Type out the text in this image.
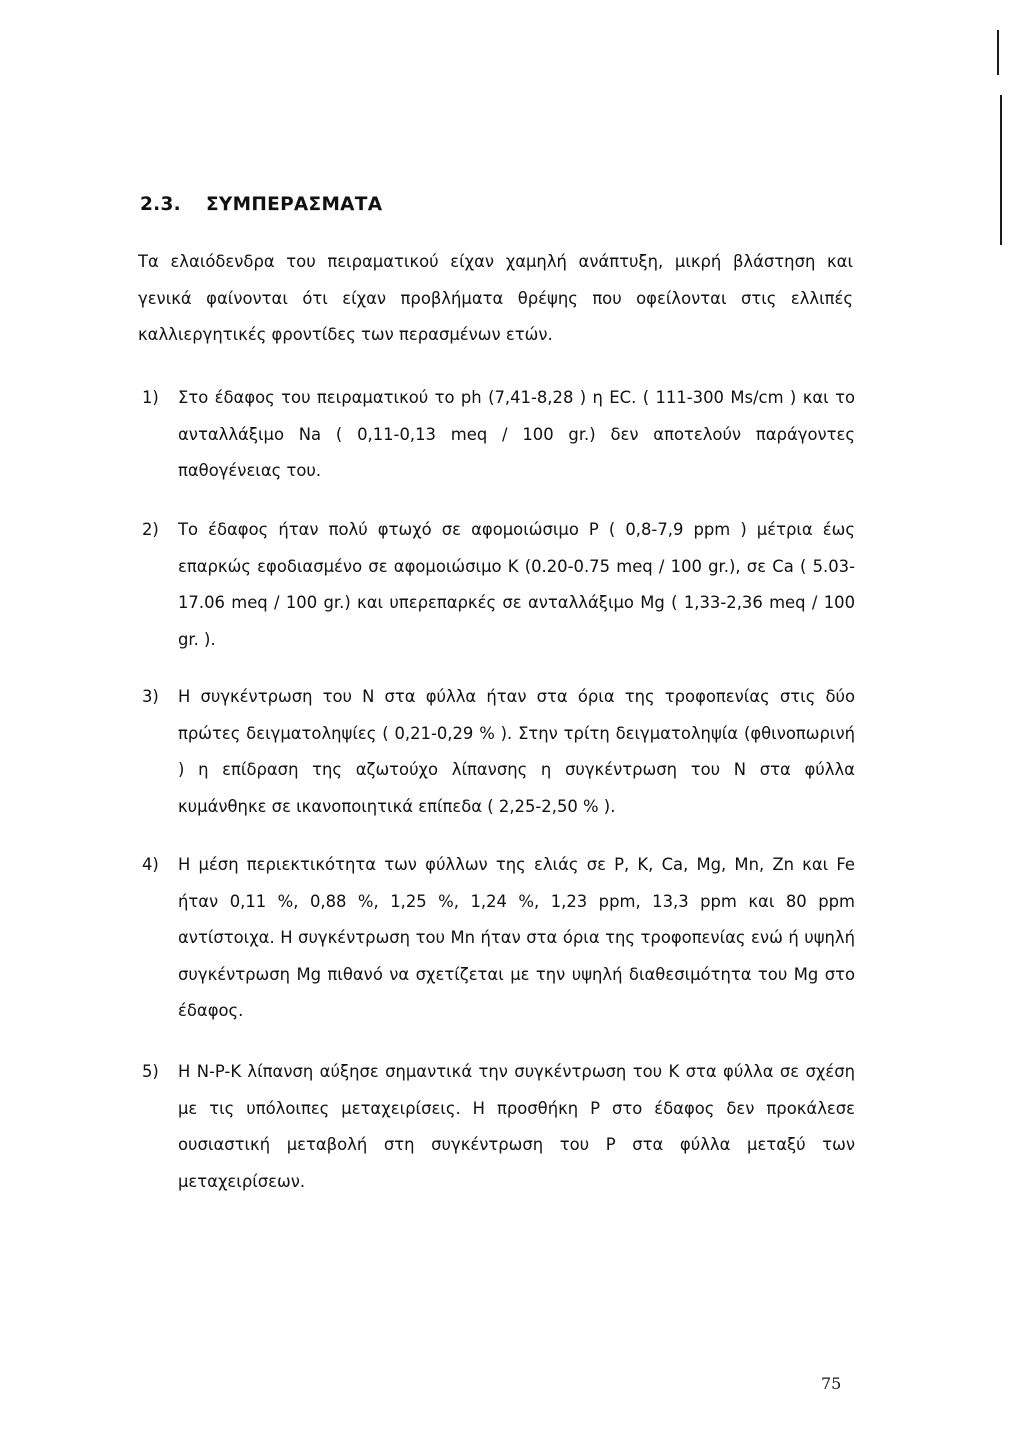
2.3. ΣΥΜΠΕΡΑΣΜΑΤΑ
Τα ελαιόδενδρα του πειραματικού είχαν χαμηλή ανάπτυξη, μικρή βλάστηση και γενικά φαίνονται ότι είχαν προβλήματα θρέψης που οφείλονται στις ελλιπές καλλιεργητικές φροντίδες των περασμένων ετών.
1)	Στο έδαφος του πειραματικού το ph (7,41-8,28 ) η EC. ( 111-300 Ms/cm ) και το ανταλλάξιμο Na ( 0,11-0,13 meq / 100 gr.) δεν αποτελούν παράγοντες παθογένειας του.
2)	Το έδαφος ήταν πολύ φτωχό σε αφομοιώσιμο P ( 0,8-7,9 ppm ) μέτρια έως επαρκώς εφοδιασμένο σε αφομοιώσιμο K (0.20-0.75 meq / 100 gr.), σε Ca ( 5.03-17.06 meq / 100 gr.) και υπερεπαρκές σε ανταλλάξιμο Mg ( 1,33-2,36 meq / 100 gr. ).
3)	Η συγκέντρωση του N στα φύλλα ήταν στα όρια της τροφοπενίας στις δύο πρώτες δειγματοληψίες ( 0,21-0,29 % ). Στην τρίτη δειγματοληψία (φθινοπωρινή ) η επίδραση της αζωτούχο λίπανσης η συγκέντρωση του N στα φύλλα κυμάνθηκε σε ικανοποιητικά επίπεδα ( 2,25-2,50 % ).
4)	Η μέση περιεκτικότητα των φύλλων της ελιάς σε P, K, Ca, Mg, Mn, Zn και Fe ήταν 0,11 %, 0,88 %, 1,25 %, 1,24 %, 1,23 ppm, 13,3 ppm και 80 ppm αντίστοιχα. Η συγκέντρωση του Mn ήταν στα όρια της τροφοπενίας ενώ ή υψηλή συγκέντρωση Mg πιθανό να σχετίζεται με την υψηλή διαθεσιμότητα του Mg στο έδαφος.
5)	Η N-P-K λίπανση αύξησε σημαντικά την συγκέντρωση του K στα φύλλα σε σχέση με τις υπόλοιπες μεταχειρίσεις. Η προσθήκη P στο έδαφος δεν προκάλεσε ουσιαστική μεταβολή στη συγκέντρωση του P στα φύλλα μεταξύ των μεταχειρίσεων.
75
